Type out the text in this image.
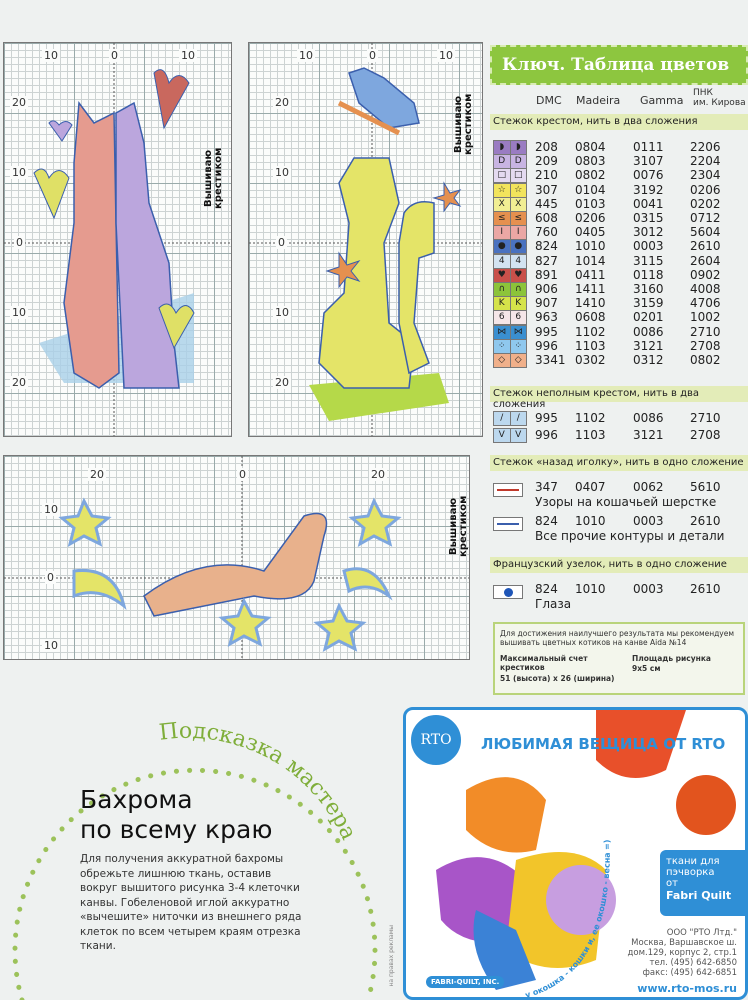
10	0	10
20
10
0
10
20
Вышиваю крестиком
10	0	10
20
10
0
10
20
Вышиваю крестиком
20	0	20
10
0
10
Вышиваю крестиком
Ключ. Таблица цветов
DMC Madeira Gamma
ПНК
им. Кирова
Стежок крестом, нить в два сложения
◗	◗	208 0804 0111 2206
D	D	209 0803 3107 2204
□ □ 210 0802 0076 2304
☆ ☆	307 0104 3192 0206
X	X	445 0103 0041 0202
≤ ≤	608 0206 0315 0712
I	I	760 0405 3012 5604
● ●	824 1010 0003 2610
4	4	827 1014 3115 2604
♥ ♥	891 0411 0118 0902
∩	∩	906 1411 3160 4008
K	K	907 1410 3159 4706
6	6	963 0608 0201 1002
⋈ ⋈ 995 1102 0086 2710
⁘ ⁘	996 1103 3121 2708
◇	◇	3341 0302 0312 0802
Стежок неполным крестом, нить в два сложения
/	/	995 1102 0086 2710
V	V	996 1103 3121 2708
Стежок «назад иголку», нить в одно сложение
347 0407 0062 5610
Узоры на кошачьей шерстке
824 1010 0003 2610
Все прочие контуры и детали
Французский узелок, нить в одно сложение
824 1010 0003 2610
Глаза
Для достижения наилучшего результата мы рекомендуем вышивать цветных котиков на канве Aida №14
Максимальный счет крестиков
51 (высота) х 26 (ширина)
Площадь рисунка
9х5 см
Подсказка мастера
Бахрома
по всему краю
Для получения аккуратной бахромы обрежьте лишнюю ткань, оставив вокруг вышитого рисунка 3-4 клеточки канвы. Гобеленовой иглой аккуратно «вычешите» ниточки из внешнего ряда клеток по всем четырем краям отрезка ткани.
у окошка - кошки и, ее окошко - весна =)
RTO	ЛЮБИМАЯ ВЕЩИЦА ОТ RTO
ткани для
пэчворка
от
Fabri Quilt
ООО "РТО Лтд."
Москва, Варшавское ш.
дом.129, корпус 2, стр.1
тел. (495) 642-6850
факс: (495) 642-6851
www.rto-mos.ru
FABRI-QUILT, INC.
на правах рекламы
